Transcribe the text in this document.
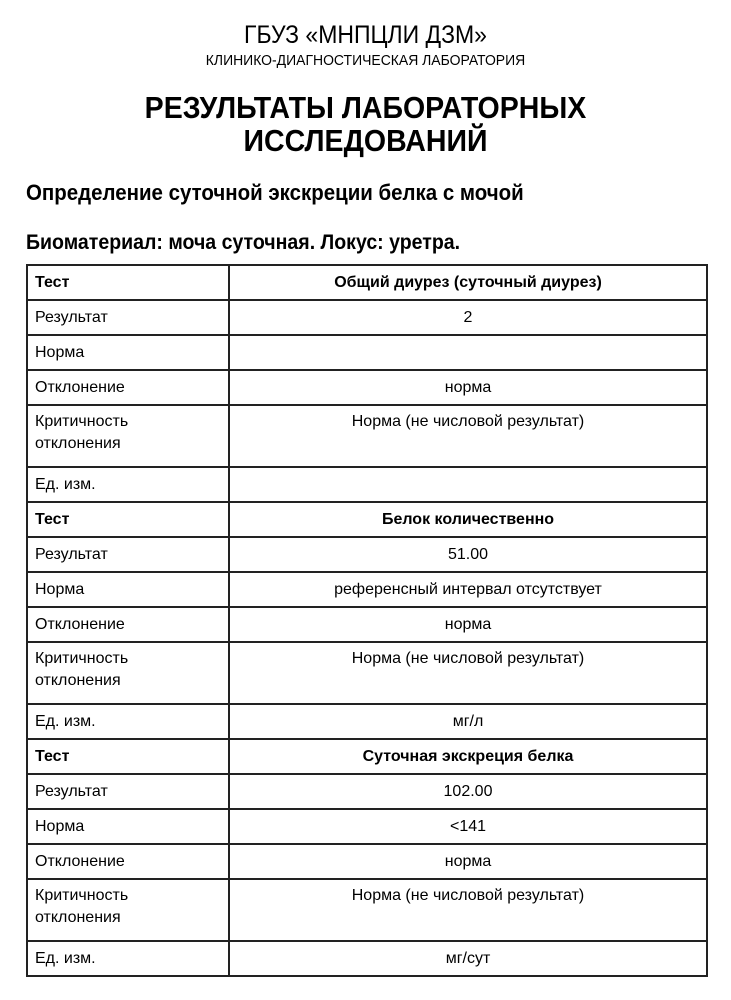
ГБУЗ «МНПЦЛИ ДЗМ»
КЛИНИКО-ДИАГНОСТИЧЕСКАЯ ЛАБОРАТОРИЯ
РЕЗУЛЬТАТЫ ЛАБОРАТОРНЫХ
ИССЛЕДОВАНИЙ
Определение суточной экскреции белка с мочой
Биоматериал: моча суточная. Локус: уретра.
Тест	Общий диурез (суточный диурез)
Результат	2
Норма	
Отклонение	норма
Критичность
отклонения	Норма (не числовой результат)
Ед. изм.	
Тест	Белок количественно
Результат	51.00
Норма	референсный интервал отсутствует
Отклонение	норма
Критичность
отклонения	Норма (не числовой результат)
Ед. изм.	мг/л
Тест	Суточная экскреция белка
Результат	102.00
Норма	<141
Отклонение	норма
Критичность
отклонения	Норма (не числовой результат)
Ед. изм.	мг/сут
